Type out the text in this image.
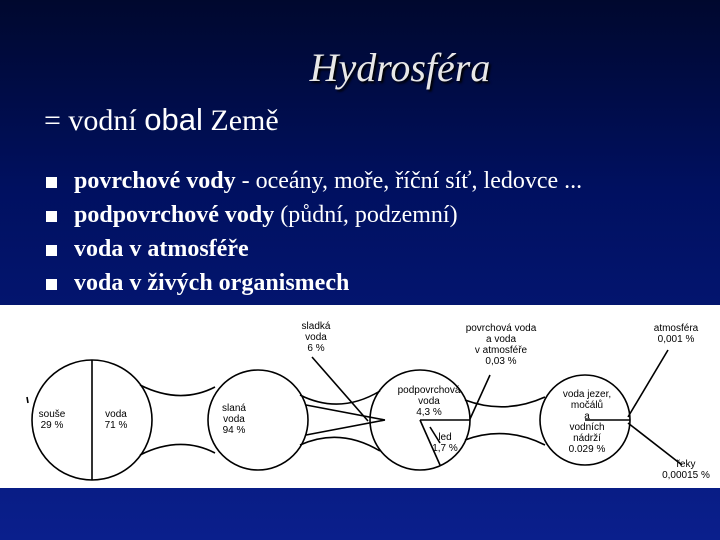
Hydrosféra
= vodní obal Země
povrchové vody - oceány, moře, říční síť, ledovce ...
podpovrchové vody (půdní, podzemní)
voda v atmosféře
voda v živých organismech
souše
29 %
voda
71 %
slaná
voda
94 %
sladká
voda
6 %
povrchová voda
a voda
v atmosféře
0,03 %
atmosféra
0,001 %
podpovrchová
voda
4,3 %
led
1,7 %
voda jezer,
močálů
a
vodních
nádrží
0.029 %
řeky
0,00015 %
